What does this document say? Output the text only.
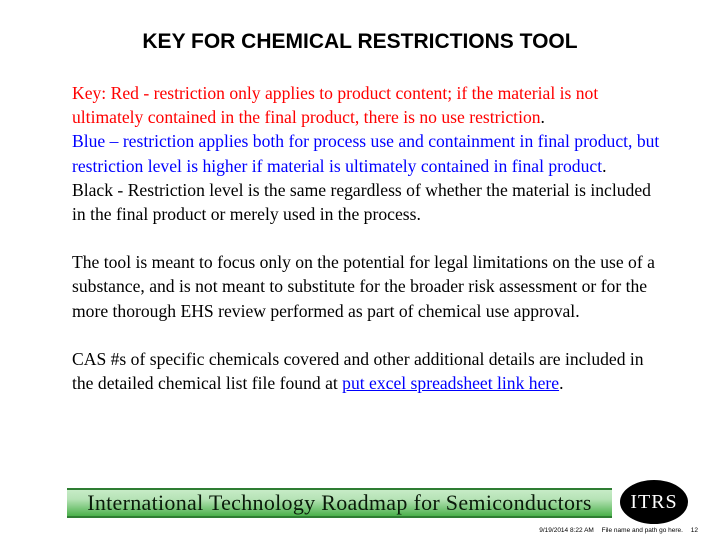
KEY FOR CHEMICAL RESTRICTIONS TOOL

Key: Red - restriction only applies to product content; if the material is not ultimately contained in the final product, there is no use restriction.
Blue – restriction applies both for process use and containment in final product, but restriction level is higher if material is ultimately contained in final product.
Black - Restriction level is the same regardless of whether the material is included in the final product or merely used in the process.

The tool is meant to focus only on the potential for legal limitations on the use of a substance, and is not meant to substitute for the broader risk assessment or for the more thorough EHS review performed as part of chemical use approval.

CAS #s of specific chemicals covered and other additional details are included in the detailed chemical list file found at put excel spreadsheet link here.

International Technology Roadmap for Semiconductors	ITRS
9/19/2014 8:22 AM File name and path go here. 12
